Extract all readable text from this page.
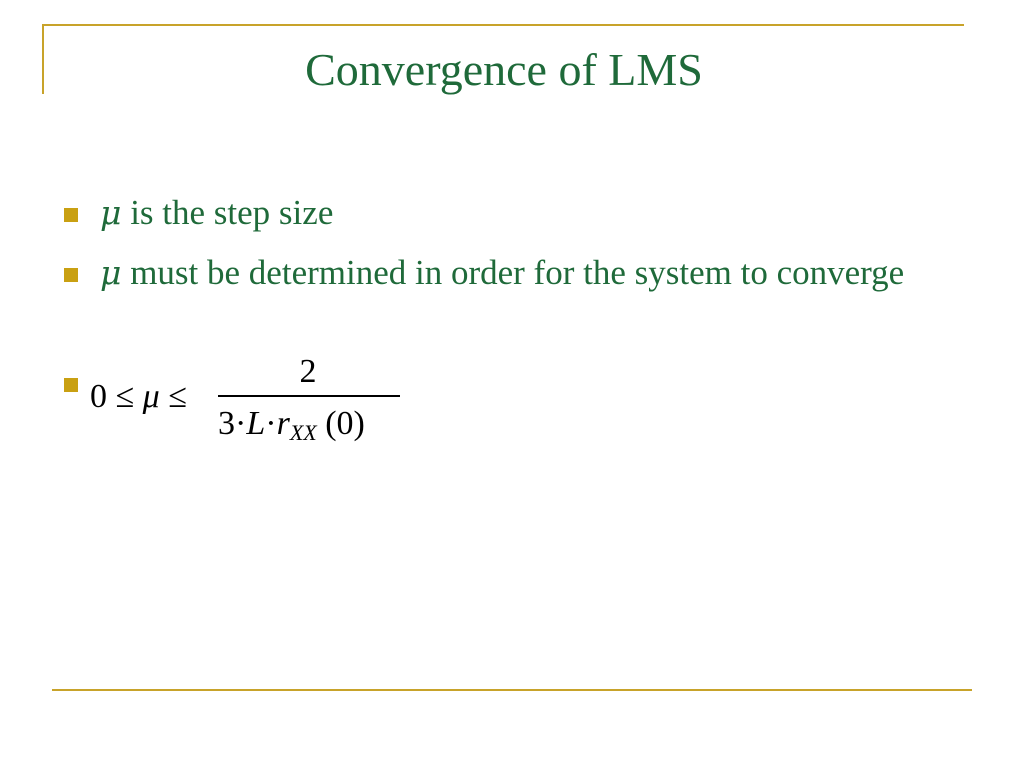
Convergence of LMS
μ is the step size
μ must be determined in order for the system to converge
0 ≤ μ ≤
2
$3\cdot L\cdot r_{XX}$ (0)
